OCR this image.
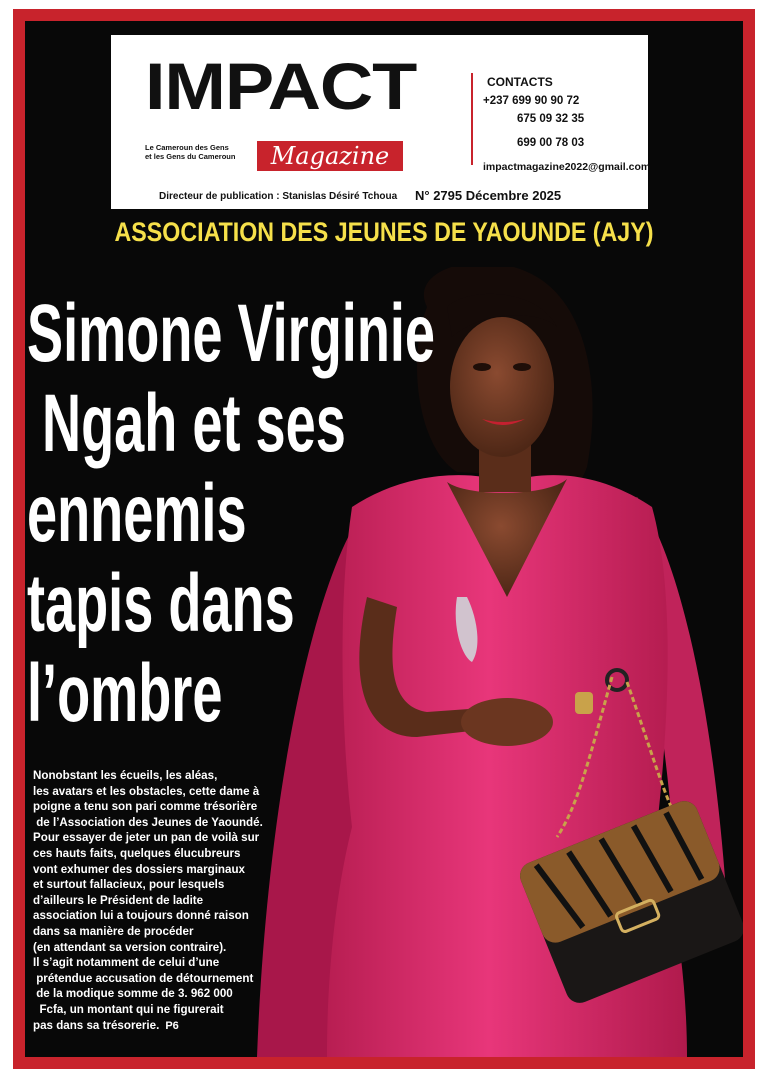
IMPACT
Le Cameroun des Gens
et les Gens du Cameroun	Magazine
Directeur de publication : Stanislas Désiré Tchoua N° 2795 Décembre 2025
CONTACTS
+237 699 90 90 72
675 09 32 35
699 00 78 03
impactmagazine2022@gmail.com
ASSOCIATION DES JEUNES DE YAOUNDE (AJY)
Simone Virginie
Ngah et ses
ennemis
tapis dans
l’ombre
Nonobstant les écueils, les aléas,
les avatars et les obstacles, cette dame à
poigne a tenu son pari comme trésorière
de l’Association des Jeunes de Yaoundé.
Pour essayer de jeter un pan de voilà sur
ces hauts faits, quelques élucubreurs
vont exhumer des dossiers marginaux
et surtout fallacieux, pour lesquels
d’ailleurs le Président de ladite
association lui a toujours donné raison
dans sa manière de procéder
(en attendant sa version contraire).
Il s’agit notamment de celui d’une
prétendue accusation de détournement
de la modique somme de 3. 962 000
Fcfa, un montant qui ne figurerait
pas dans sa trésorerie. P6
